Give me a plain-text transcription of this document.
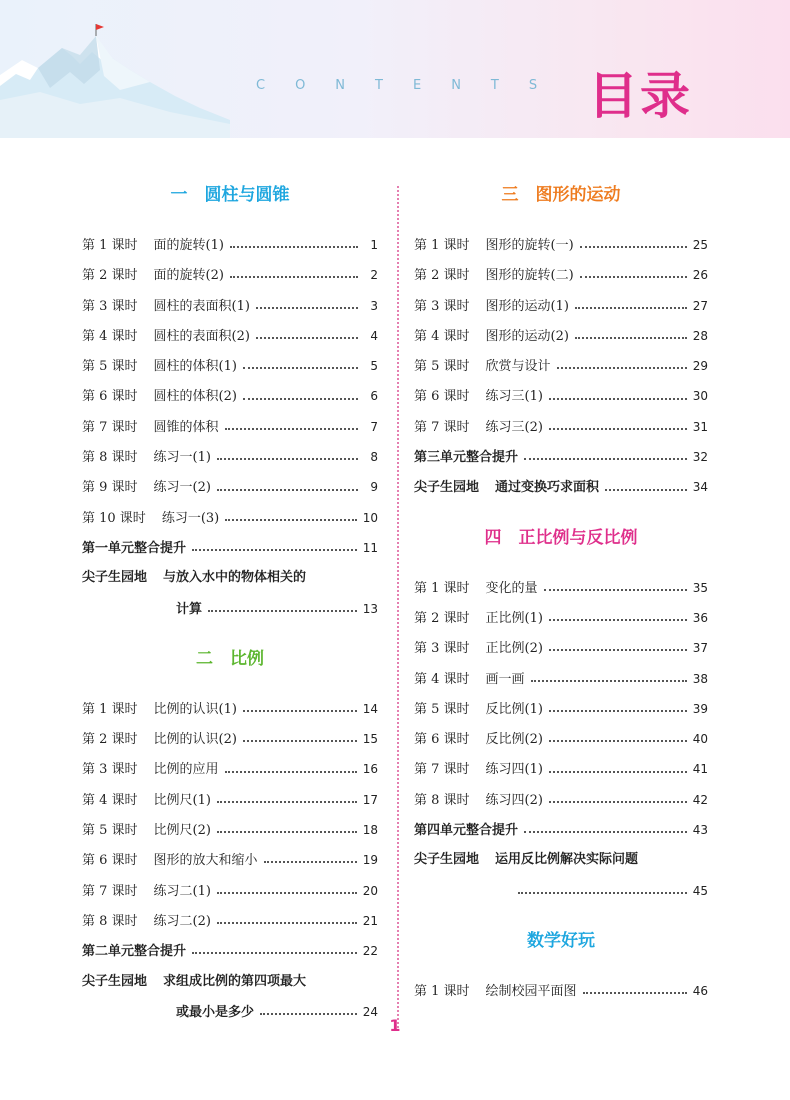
CONTENTS 目录
一　圆柱与圆锥
第 1 课时 面的旋转(1)	1
第 2 课时 面的旋转(2)	2
第 3 课时 圆柱的表面积(1)	3
第 4 课时 圆柱的表面积(2)	4
第 5 课时 圆柱的体积(1)	5
第 6 课时 圆柱的体积(2)	6
第 7 课时 圆锥的体积	7
第 8 课时 练习一(1)	8
第 9 课时 练习一(2)	9
第 10 课时 练习一(3)	10
第一单元整合提升	11
尖子生园地 与放入水中的物体相关的
计算	13
二　比例
第 1 课时 比例的认识(1)	14
第 2 课时 比例的认识(2)	15
第 3 课时 比例的应用	16
第 4 课时 比例尺(1)	17
第 5 课时 比例尺(2)	18
第 6 课时 图形的放大和缩小	19
第 7 课时 练习二(1)	20
第 8 课时 练习二(2)	21
第二单元整合提升	22
尖子生园地 求组成比例的第四项最大
或最小是多少	24
三　图形的运动
第 1 课时 图形的旋转(一)	25
第 2 课时 图形的旋转(二)	26
第 3 课时 图形的运动(1)	27
第 4 课时 图形的运动(2)	28
第 5 课时 欣赏与设计	29
第 6 课时 练习三(1)	30
第 7 课时 练习三(2)	31
第三单元整合提升	32
尖子生园地 通过变换巧求面积	34
四　正比例与反比例
第 1 课时 变化的量	35
第 2 课时 正比例(1)	36
第 3 课时 正比例(2)	37
第 4 课时 画一画	38
第 5 课时 反比例(1)	39
第 6 课时 反比例(2)	40
第 7 课时 练习四(1)	41
第 8 课时 练习四(2)	42
第四单元整合提升	43
尖子生园地 运用反比例解决实际问题
45
数学好玩
第 1 课时 绘制校园平面图	46
1
